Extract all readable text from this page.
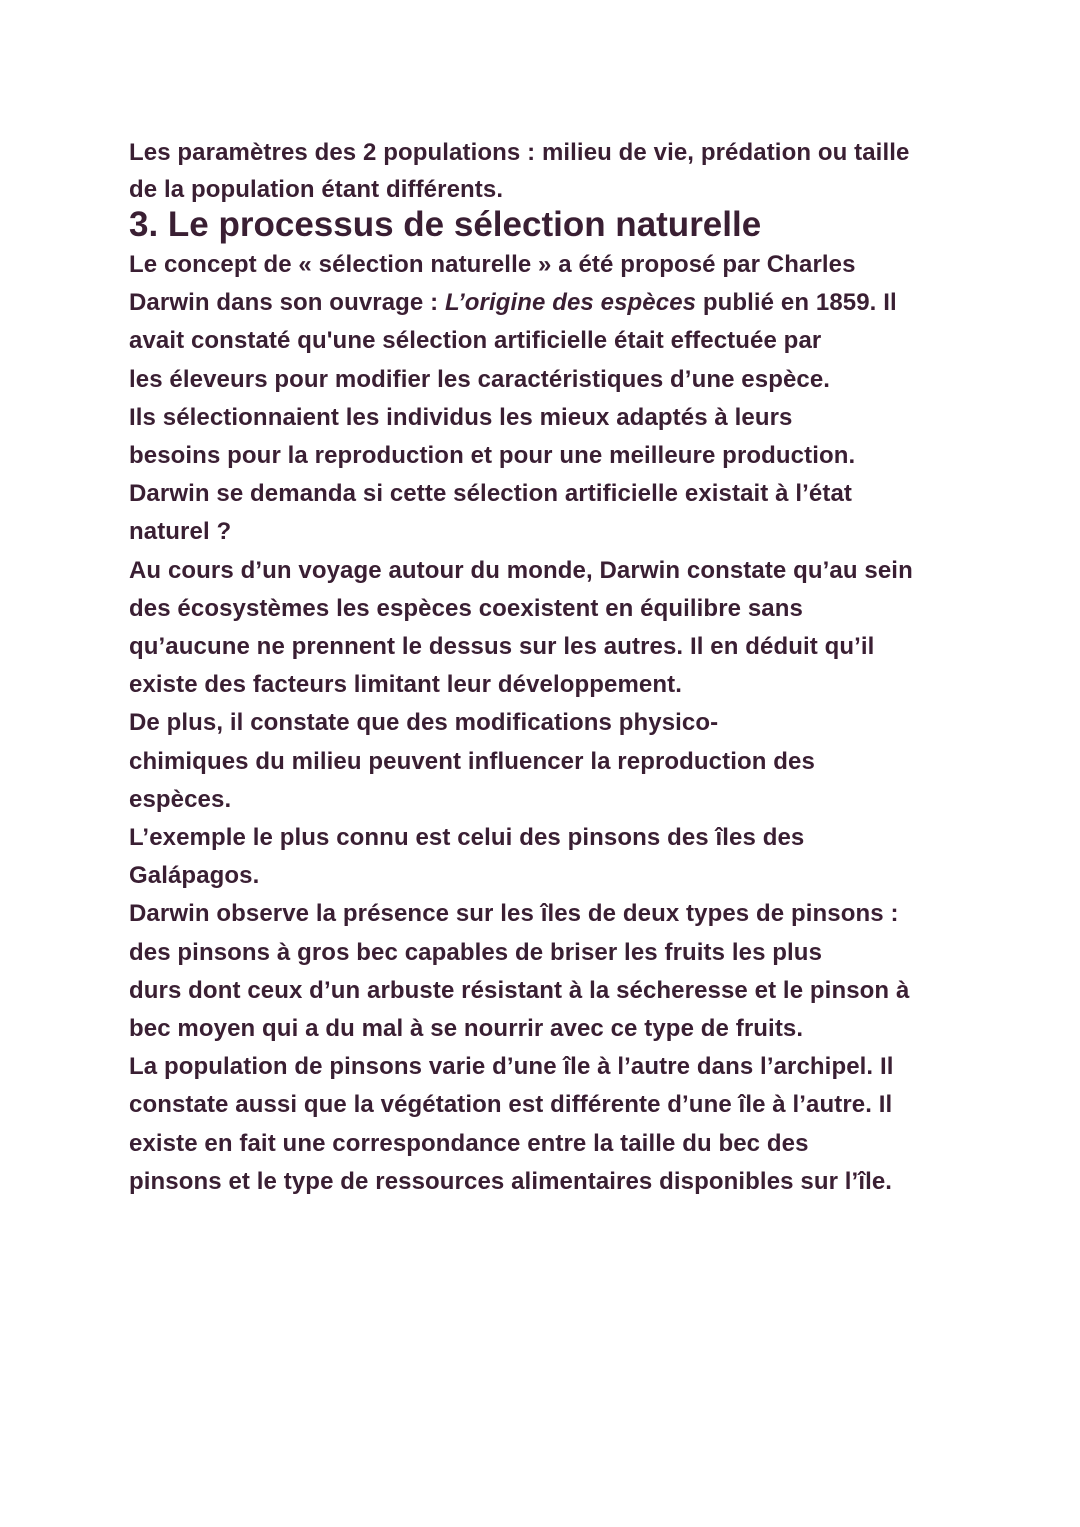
Les paramètres des 2 populations : milieu de vie, prédation ou taille
de la population étant différents.
3. Le processus de sélection naturelle
Le concept de « sélection naturelle » a été proposé par Charles
Darwin dans son ouvrage : L’origine des espèces publié en 1859. Il
avait constaté qu'une sélection artificielle était effectuée par
les éleveurs pour modifier les caractéristiques d’une espèce.
Ils sélectionnaient les individus les mieux adaptés à leurs
besoins pour la reproduction et pour une meilleure production.
Darwin se demanda si cette sélection artificielle existait à l’état
naturel ?
Au cours d’un voyage autour du monde, Darwin constate qu’au sein
des écosystèmes les espèces coexistent en équilibre sans
qu’aucune ne prennent le dessus sur les autres. Il en déduit qu’il
existe des facteurs limitant leur développement.
De plus, il constate que des modifications physico-
chimiques du milieu peuvent influencer la reproduction des
espèces.
L’exemple le plus connu est celui des pinsons des îles des
Galápagos.
Darwin observe la présence sur les îles de deux types de pinsons :
des pinsons à gros bec capables de briser les fruits les plus
durs dont ceux d’un arbuste résistant à la sécheresse et le pinson à
bec moyen qui a du mal à se nourrir avec ce type de fruits.
La population de pinsons varie d’une île à l’autre dans l’archipel. Il
constate aussi que la végétation est différente d’une île à l’autre. Il
existe en fait une correspondance entre la taille du bec des
pinsons et le type de ressources alimentaires disponibles sur l’île.
